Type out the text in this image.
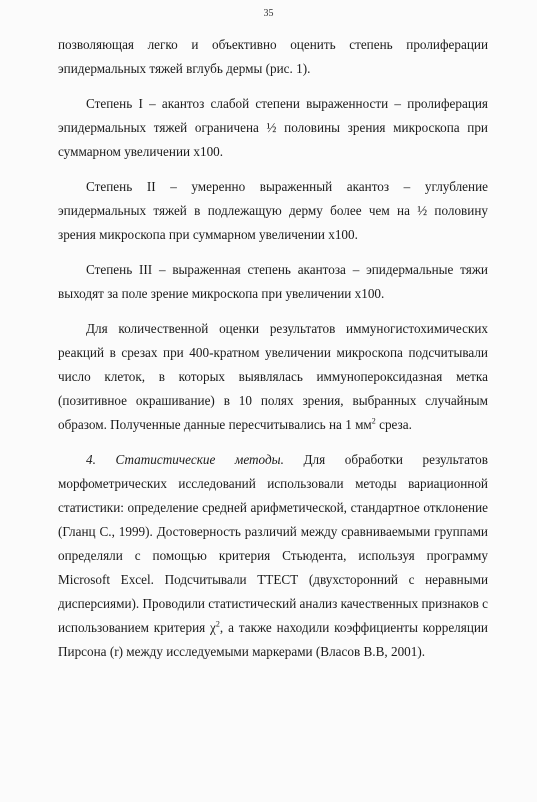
35

позволяющая легко и объективно оценить степень пролиферации эпидермальных тяжей вглубь дермы (рис. 1).

Степень I – акантоз слабой степени выраженности – пролиферация эпидермальных тяжей ограничена ½ половины зрения микроскопа при суммарном увеличении х100.

Степень II – умеренно выраженный акантоз – углубление эпидермальных тяжей в подлежащую дерму более чем на ½ половину зрения микроскопа при суммарном увеличении х100.

Степень III – выраженная степень акантоза – эпидермальные тяжи выходят за поле зрение микроскопа при увеличении х100.

Для количественной оценки результатов иммуногистохимических реакций в срезах при 400-кратном увеличении микроскопа подсчитывали число клеток, в которых выявлялась иммунопероксидазная метка (позитивное окрашивание) в 10 полях зрения, выбранных случайным образом. Полученные данные пересчитывались на 1 $мм^2$ среза.

4. Статистические методы. Для обработки результатов морфометрических исследований использовали методы вариационной статистики: определение средней арифметической, стандартное отклонение (Гланц С., 1999). Достоверность различий между сравниваемыми группами определяли с помощью критерия Стьюдента, используя программу Microsoft Excel. Подсчитывали ТТЕСТ (двухсторонний с неравными дисперсиями). Проводили статистический анализ качественных признаков с использованием критерия $\chi^2$, а также находили коэффициенты корреляции Пирсона (r) между исследуемыми маркерами (Власов В.В, 2001).
